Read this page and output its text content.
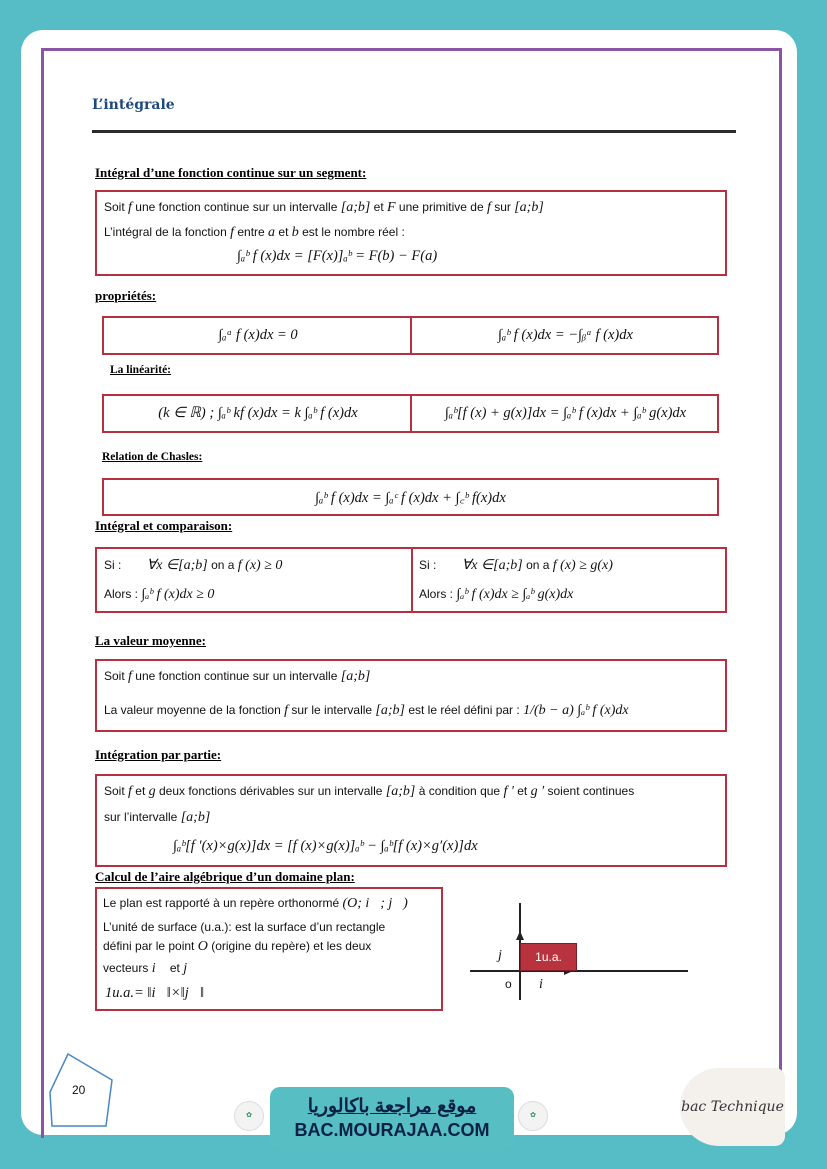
L’intégrale
Intégral d’une fonction continue sur un segment:
Soit f une fonction continue sur un intervalle [a;b] et F une primitive de f sur [a;b]
L’intégral de la fonction f entre a et b est le nombre réel :
∫ₐᵇ f (x)dx = [F(x)]ₐᵇ = F(b) − F(a)
propriétés:
∫ₐᵃ f (x)dx = 0	∫ₐᵇ f (x)dx = −∫ᵦᵃ f (x)dx
La linéarité:
(k ∈ ℝ) ; ∫ₐᵇ kf (x)dx = k ∫ₐᵇ f (x)dx	∫ₐᵇ[f (x) + g(x)]dx = ∫ₐᵇ f (x)dx + ∫ₐᵇ g(x)dx
Relation de Chasles:
∫ₐᵇ f (x)dx = ∫ₐᶜ f (x)dx + ∫꜀ᵇ f(x)dx
Intégral et comparaison:
Si : ∀x ∈[a;b] on a f (x) ≥ 0
Alors : ∫ₐᵇ f (x)dx ≥ 0
Si : ∀x ∈[a;b] on a f (x) ≥ g(x)
Alors : ∫ₐᵇ f (x)dx ≥ ∫ₐᵇ g(x)dx
La valeur moyenne:
Soit f une fonction continue sur un intervalle [a;b]
La valeur moyenne de la fonction f sur le intervalle [a;b] est le réel défini par : 1/(b − a) ∫ₐᵇ f (x)dx
Intégration par partie:
Soit f et g deux fonctions dérivables sur un intervalle [a;b] à condition que f ′ et g ′ soient continues
sur l’intervalle [a;b]
∫ₐᵇ[f ′(x)×g(x)]dx = [f (x)×g(x)]ₐᵇ − ∫ₐᵇ[f (x)×g′(x)]dx
Calcul de l’aire algébrique d’un domaine plan:
Le plan est rapporté à un repère orthonormé (O; i⃗; j⃗)
L’unité de surface (u.a.): est la surface d’un rectangle
défini par le point O (origine du repère) et les deux
vecteurs i⃗ et j⃗
1u.a.= ‖i⃗‖×‖j⃗‖
1u.a.
j⃗
i⃗
o
20
✿	موقع مراجعة باكالوريا
BAC.MOURAJAA.COM
✿
bac Technique
